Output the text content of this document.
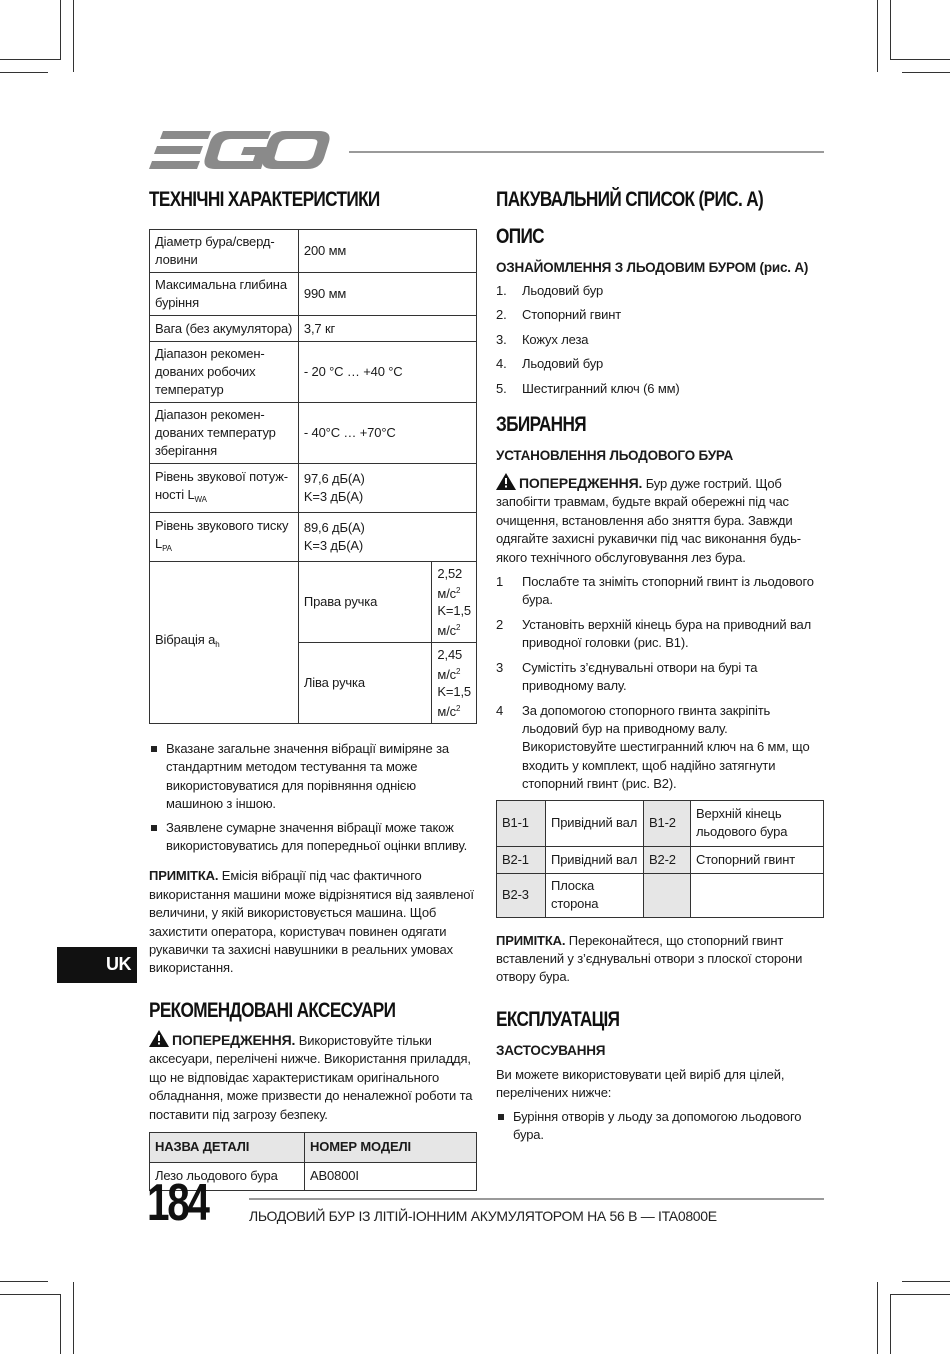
ТЕХНІЧНІ ХАРАКТЕРИСТИКИ
Діаметр бура/свердловини	200 мм	
Максимальна глибина буріння	990 мм	
Вага (без акумулятора)	3,7 кг	
Діапазон рекомендованих робочих температур	- 20 °C … +40 °C	
Діапазон рекомендованих температур зберігання	- 40°C … +70°C	
Рівень звукової потужності $L_{WA}$	97,6 дБ(A)
K=3 дБ(A)	

Рівень звукового тиску $L_{PA}$	89,6 дБ(A)
K=3 дБ(A)	

Вібрація $a_h$	Права ручка	2,52 $м/с^2$
K=1,5 $м/с^2$

	Ліва ручка	2,45 $м/с^2$
K=1,5 $м/с^2$
Вказане загальне значення вібрації виміряне за стандартним методом тестування та може використовуватися для порівняння однією машиною з іншою.
Заявлене сумарне значення вібрації може також використовуватись для попередньої оцінки впливу.
ПРИМІТКА. Емісія вібрації під час фактичного використання машини може відрізнятися від заявленої величини, у якій використовується машина. Щоб захистити оператора, користувач повинен одягати рукавички та захисні навушники в реальних умовах використання.
РЕКОМЕНДОВАНІ АКСЕСУАРИ
ПОПЕРЕДЖЕННЯ. Використовуйте тільки аксесуари, перелічені нижче. Використання приладдя, що не відповідає характеристикам оригінального обладнання, може призвести до неналежної роботи та поставити під загрозу безпеку.
НАЗВА ДЕТАЛІ	НОМЕР МОДЕЛІ
Лезо льодового бура	AB0800I
UK
ПАКУВАЛЬНИЙ СПИСОК (РИС. A)
ОПИС
ОЗНАЙОМЛЕННЯ З ЛЬОДОВИМ БУРОМ (рис. A)
1. Льодовий бур
2. Стопорний гвинт
3. Кожух леза
4. Льодовий бур
5. Шестигранний ключ (6 мм)
ЗБИРАННЯ
УСТАНОВЛЕННЯ ЛЬОДОВОГО БУРА
ПОПЕРЕДЖЕННЯ. Бур дуже гострий. Щоб запобігти травмам, будьте вкрай обережні під час очищення, встановлення або зняття бура. Завжди одягайте захисні рукавички під час виконання будь-якого технічного обслуговування лез бура.
1 Послабте та зніміть стопорний гвинт із льодового бура.
2 Установіть верхній кінець бура на приводний вал приводної головки (рис. B1).
3 Сумістіть з’єднувальні отвори на бурі та приводному валу.
4 За допомогою стопорного гвинта закріпіть льодовий бур на приводному валу. Використовуйте шестигранний ключ на 6 мм, що входить у комплект, щоб надійно затягнути стопорний гвинт (рис. B2).
B1-1	Привідний вал	B1-2	Верхній кінець льодового бура
B2-1	Привідний вал	B2-2	Стопорний гвинт
B2-3	Плоска сторона		
ПРИМІТКА. Переконайтеся, що стопорний гвинт вставлений у з’єднувальні отвори з плоскої сторони отвору бура.
ЕКСПЛУАТАЦІЯ
ЗАСТОСУВАННЯ
Ви можете використовувати цей виріб для цілей, перелічених нижче:
Буріння отворів у льоду за допомогою льодового бура.
184	ЛЬОДОВИЙ БУР ІЗ ЛІТІЙ-ІОННИМ АКУМУЛЯТОРОМ НА 56 В — ITA0800E
